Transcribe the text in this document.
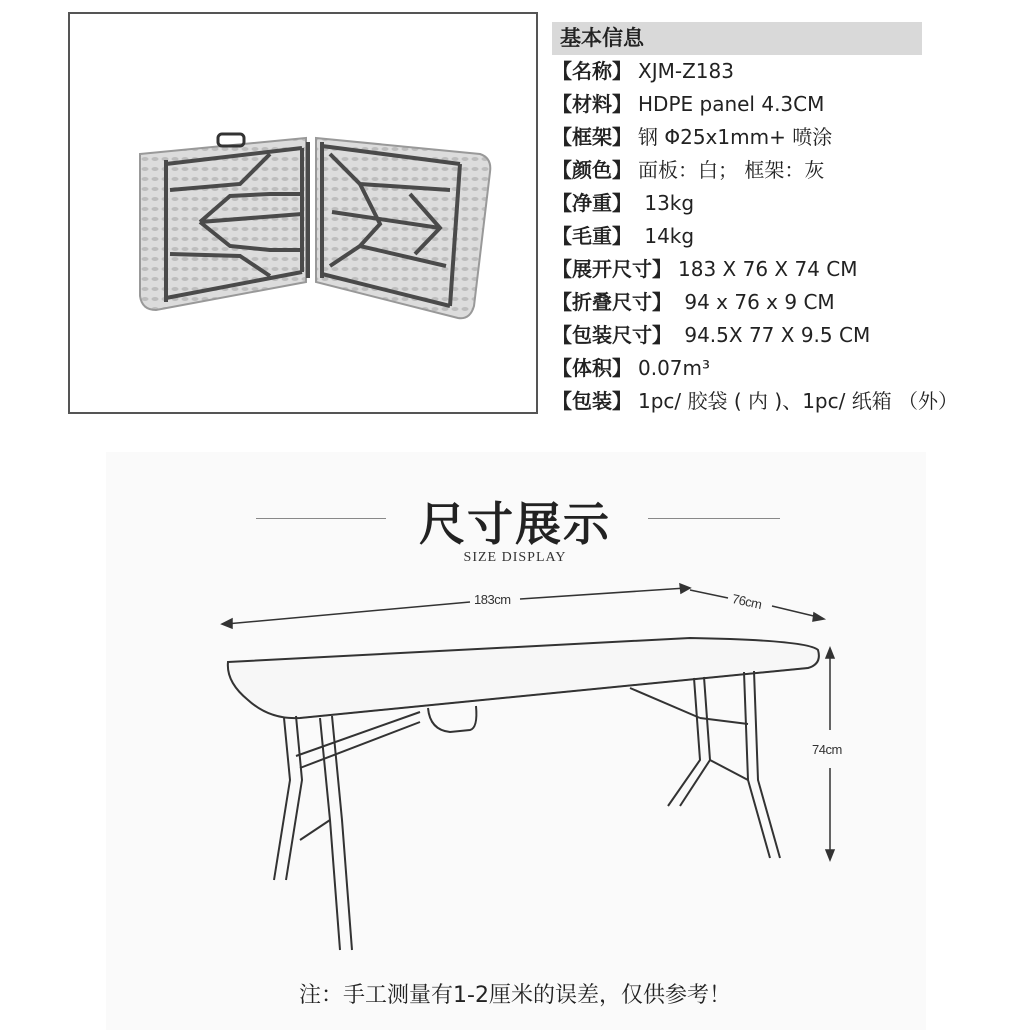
基本信息
【名称】 XJM-Z183
【材料】 HDPE panel 4.3CM
【框架】 钢 Φ25x1mm+ 喷涂
【颜色】 面板：白； 框架：灰
【净重】 13kg
【毛重】 14kg
【展开尺寸】 183 X 76 X 74 CM
【折叠尺寸】 94 x 76 x 9 CM
【包装尺寸】 94.5X 77 X 9.5 CM
【体积】 0.07m³
【包装】 1pc/ 胶袋 ( 内 )、1pc/ 纸箱 （外）
尺寸展示
SIZE DISPLAY
183cm	76cm
74cm
注：手工测量有1-2厘米的误差，仅供参考！
